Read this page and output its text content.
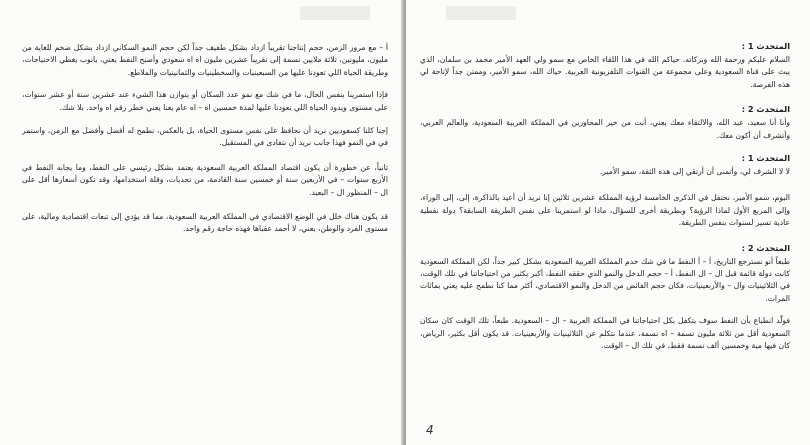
أ – مع مرور الزمن، حجم إنتاجنا تقريباً ازداد بشكل طفيف جداً لكن حجم النمو السكاني ازداد بشكل ضخم للغاية من مليون، مليونين، ثلاثة ملايين نسمة إلى تقريباً عشرين مليون اه اه سعودي وأصبح النفط يعني، يانوب يغطي الاحتياجات، وطريقة الحياة اللي تعودنا عليها من السبعينيات والسخطينيات والثمانينيات والملاطع.

فإذا استمرينا بنفس الحال، ما في شك مع نمو عدد السكان أو يتوازن هذا الشيء عند عشرين سنة أو عشر سنوات، على مستوى ويدود الحياة اللي تعودنا عليها لمدة خمسين اه – اه عام يعنا يعني خطر رقم اه واحد. بلا شك.

إحنا كلنا كسعوديين نريد أن نحافظ على نفس مستوى الحياة، بل بالعكس، نطمح له أفضل وأفضل مع الزمن، واستمر في في النمو فهذا جانب نريد أن نتفادى في المستقبل.

ثانياً، عن خطورة أن يكون اقتصاد المملكة العربية السعودية يعتمد بشكل رئيسي على النفط، وما يجابه النفط في الأربع سنوات – في الأربعين سنة أو خمسين سنة القادمة، من تحديات، وقلة استخدامها، وقد تكون أسعارها أقل على ال – المنظور ال – البعيد.

قد يكون هناك خلل في الوضع الاقتصادي في المملكة العربية السعودية، مما قد يؤدي إلى تبعات اقتصادية ومالية، على مستوى الفرد والوطن، يعني، لا أحمد عقباها فهذه حاجة رقم واحد.

المتحدث 1 :

السلام عليكم ورحمة الله وبركاته. حياكم الله في هذا اللقاء الخاص مع سمو ولي العهد الأمير محمد بن سلمان، الذي يبث على قناة السعودية وعلى مجموعة من القنوات التلفزيونية العربية. حياك الله، سمو الأمير، وممتن جداً لإتاحة لي هذه الفرصة.

المتحدث 2 :

وأنا أنا سعيد، عبد الله، والالتقاء معك يعني، أنت من خير المحاورين في المملكة العربية السعودية، والعالم العربي، وأتشرف أن أكون معك.

المتحدث 1 :

لا لا الشرف لي، وأتمنى أن أرتقي إلى هذه الثقة، سمو الأمير.

اليوم، سمو الأمير، نحتفل في الذكرى الخامسة لرؤية المملكة عشرين ثلاثين إنا نريد أن أعيد بالذاكرة، إلى، إلى الوراء، وإلى المربع الأول لماذا الرؤية؟ وبطريقة أخرى للسؤال، ماذا لو استمرينا على نفس الطريقة السابقة؟ دولة نفطية عادية تسير لسنوات بنفس الطريقة.

المتحدث 2 :

طبعاً أنو نسترجع التاريخ، أ – أ النفط ما في شك خدم المملكة العربية السعودية بشكل كبير جداً، لكن المملكة السعودية كانت دولة قائمة قبل ال – ال النفط، أ – حجم الدخل والنمو الذي حققه النفط، أكبر بكثير من احتياجاتنا في تلك الوقت، في الثلاثينيات وال – والأربعينيات، فكان حجم الفائض من الدخل والنمو الاقتصادي، أكثر مما كنا نطمح عليه يعني بمائات المرات.

فولّد انطباع بأن النفط سوف يتكفل بكل احتياجاتنا في المملكة العربية – ال – السعودية. طبعاً، تلك الوقت كان سكان السعودية أقل من ثلاثة مليون نسمة – اه نسمة، عندما نتكلم عن الثلاثينيات والأربعينيات. قد يكون أقل بكثير، الرياض، كان فيها مية وخمسين ألف نسمة فقط، في تلك ال – الوقت.

4
